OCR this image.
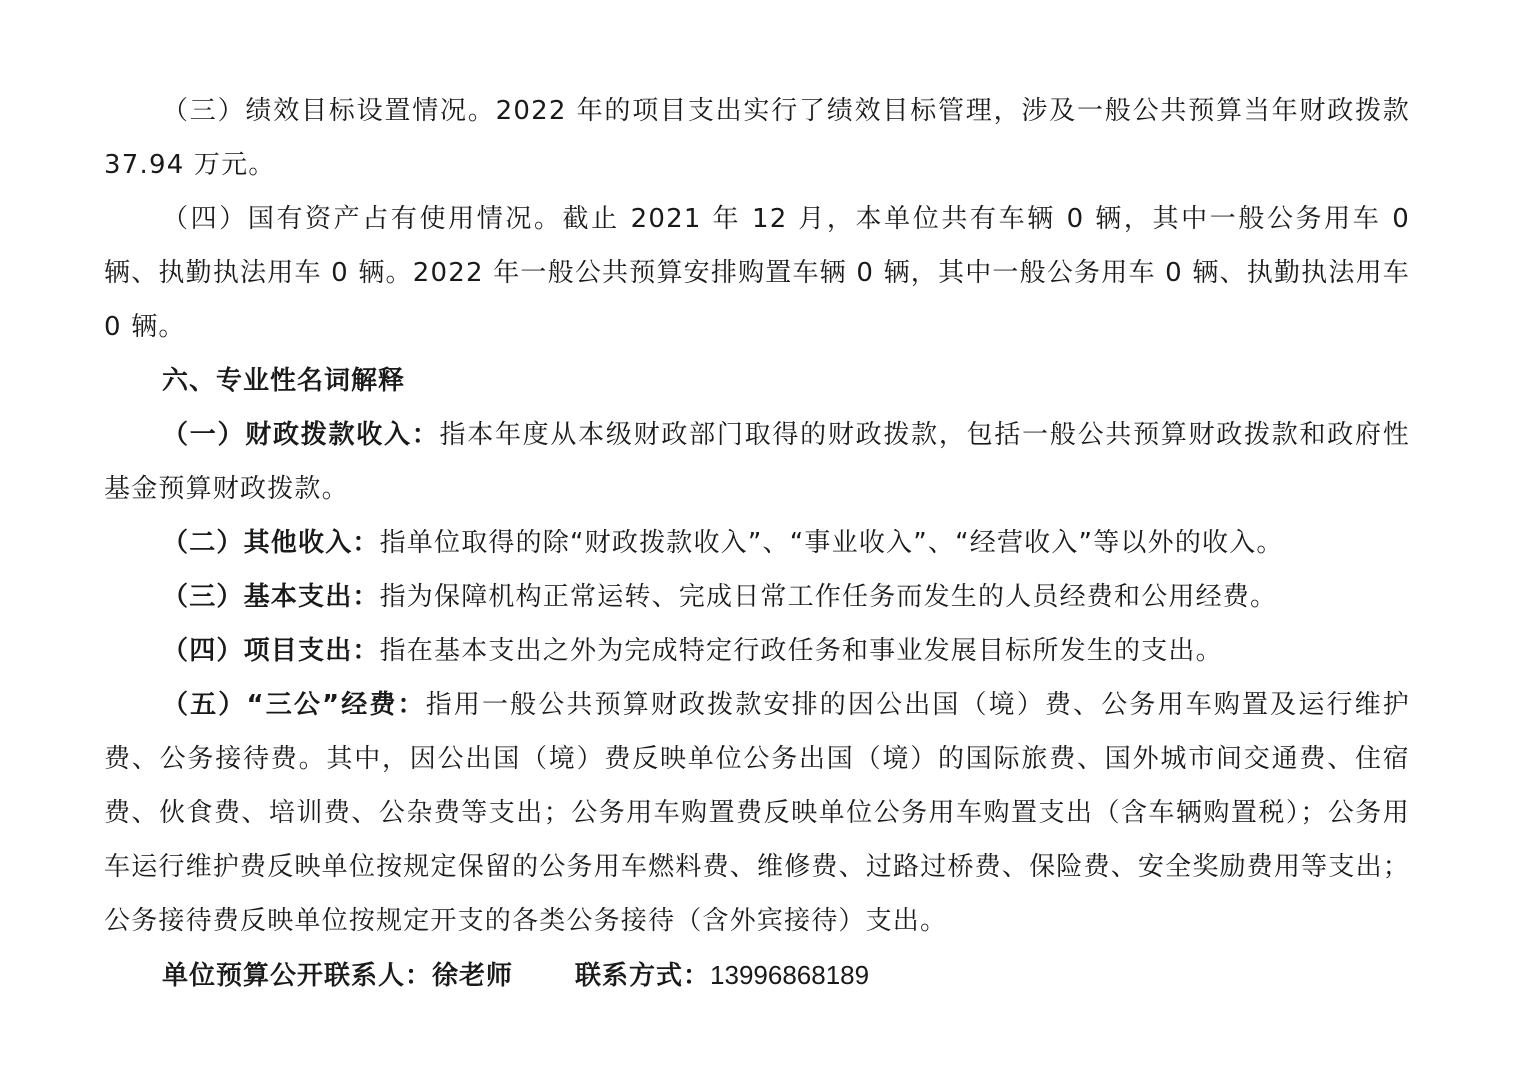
（三）绩效目标设置情况。2022 年的项目支出实行了绩效目标管理，涉及一般公共预算当年财政拨款 37.94 万元。

（四）国有资产占有使用情况。截止 2021 年 12 月，本单位共有车辆 0 辆，其中一般公务用车 0 辆、执勤执法用车 0 辆。2022 年一般公共预算安排购置车辆 0 辆，其中一般公务用车 0 辆、执勤执法用车 0 辆。

六、专业性名词解释

（一）财政拨款收入：指本年度从本级财政部门取得的财政拨款，包括一般公共预算财政拨款和政府性基金预算财政拨款。

（二）其他收入：指单位取得的除“财政拨款收入”、“事业收入”、“经营收入”等以外的收入。

（三）基本支出：指为保障机构正常运转、完成日常工作任务而发生的人员经费和公用经费。

（四）项目支出：指在基本支出之外为完成特定行政任务和事业发展目标所发生的支出。

（五）“三公”经费：指用一般公共预算财政拨款安排的因公出国（境）费、公务用车购置及运行维护费、公务接待费。其中，因公出国（境）费反映单位公务出国（境）的国际旅费、国外城市间交通费、住宿费、伙食费、培训费、公杂费等支出；公务用车购置费反映单位公务用车购置支出（含车辆购置税）；公务用车运行维护费反映单位按规定保留的公务用车燃料费、维修费、过路过桥费、保险费、安全奖励费用等支出；公务接待费反映单位按规定开支的各类公务接待（含外宾接待）支出。

单位预算公开联系人：徐老师 联系方式：13996868189
